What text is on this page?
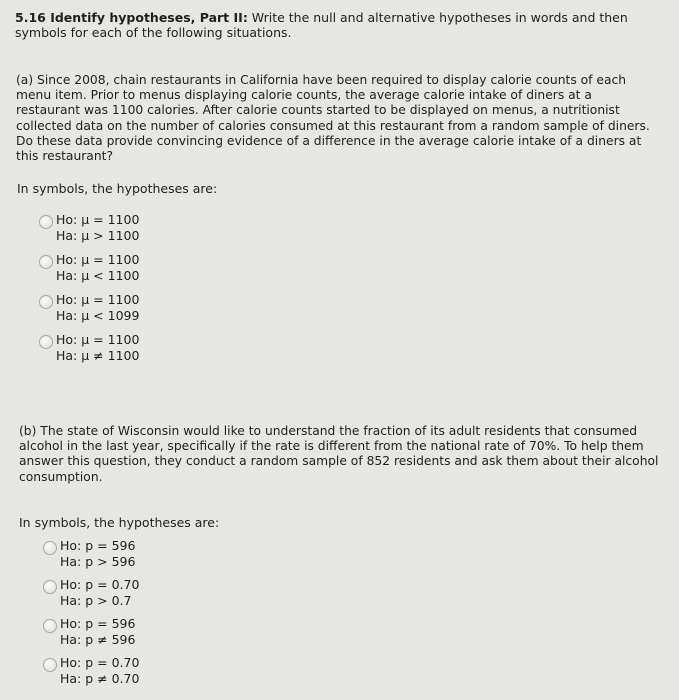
5.16 Identify hypotheses, Part II: Write the null and alternative hypotheses in words and then symbols for each of the following situations.

(a) Since 2008, chain restaurants in California have been required to display calorie counts of each menu item. Prior to menus displaying calorie counts, the average calorie intake of diners at a restaurant was 1100 calories. After calorie counts started to be displayed on menus, a nutritionist collected data on the number of calories consumed at this restaurant from a random sample of diners. Do these data provide convincing evidence of a difference in the average calorie intake of a diners at this restaurant?

In symbols, the hypotheses are:

Ho: μ = 1100
Ha: μ > 1100
Ho: μ = 1100
Ha: μ < 1100
Ho: μ = 1100
Ha: μ < 1099
Ho: μ = 1100
Ha: μ ≠ 1100

(b) The state of Wisconsin would like to understand the fraction of its adult residents that consumed alcohol in the last year, specifically if the rate is different from the national rate of 70%. To help them answer this question, they conduct a random sample of 852 residents and ask them about their alcohol consumption.

In symbols, the hypotheses are:

Ho: p = 596
Ha: p > 596
Ho: p = 0.70
Ha: p > 0.7
Ho: p = 596
Ha: p ≠ 596
Ho: p = 0.70
Ha: p ≠ 0.70
